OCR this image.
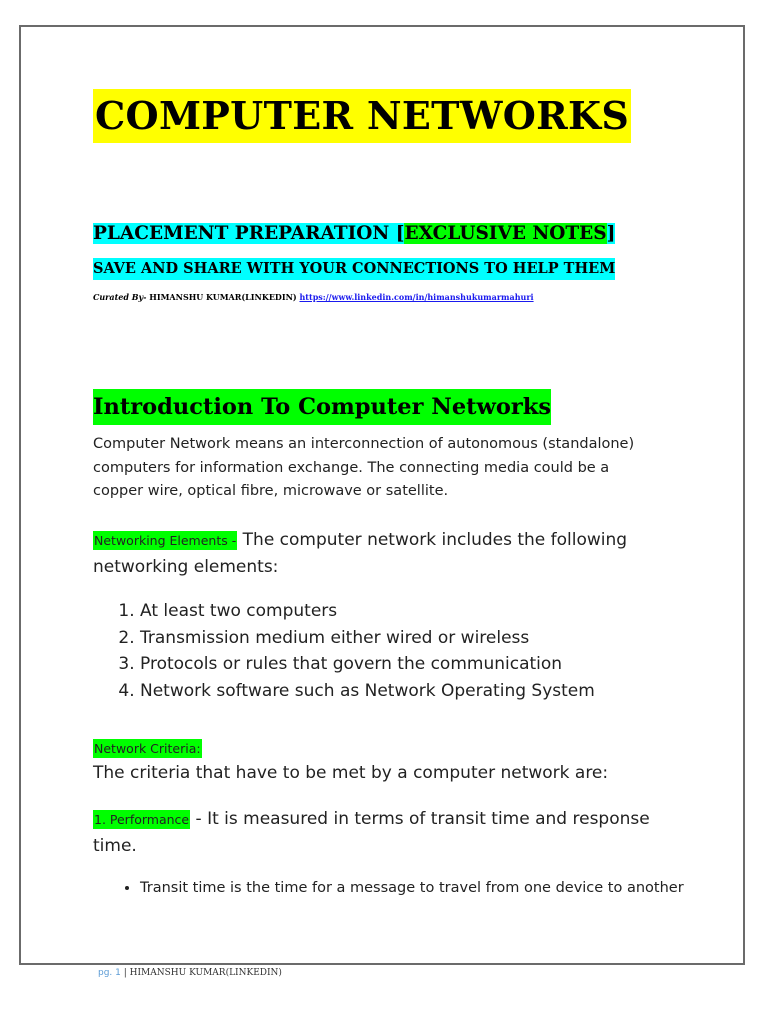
COMPUTER NETWORKS
PLACEMENT PREPARATION [EXCLUSIVE NOTES]
SAVE AND SHARE WITH YOUR CONNECTIONS TO HELP THEM
Curated By- HIMANSHU KUMAR(LINKEDIN) https://www.linkedin.com/in/himanshukumarmahuri
Introduction To Computer Networks
Computer Network means an interconnection of autonomous (standalone) computers for information exchange. The connecting media could be a copper wire, optical fibre, microwave or satellite.
Networking Elements - The computer network includes the following networking elements:
1. At least two computers
2. Transmission medium either wired or wireless
3. Protocols or rules that govern the communication
4. Network software such as Network Operating System
Network Criteria:
The criteria that have to be met by a computer network are:
1. Performance - It is measured in terms of transit time and response time.
• Transit time is the time for a message to travel from one device to another
pg. 1 | HIMANSHU KUMAR(LINKEDIN)
